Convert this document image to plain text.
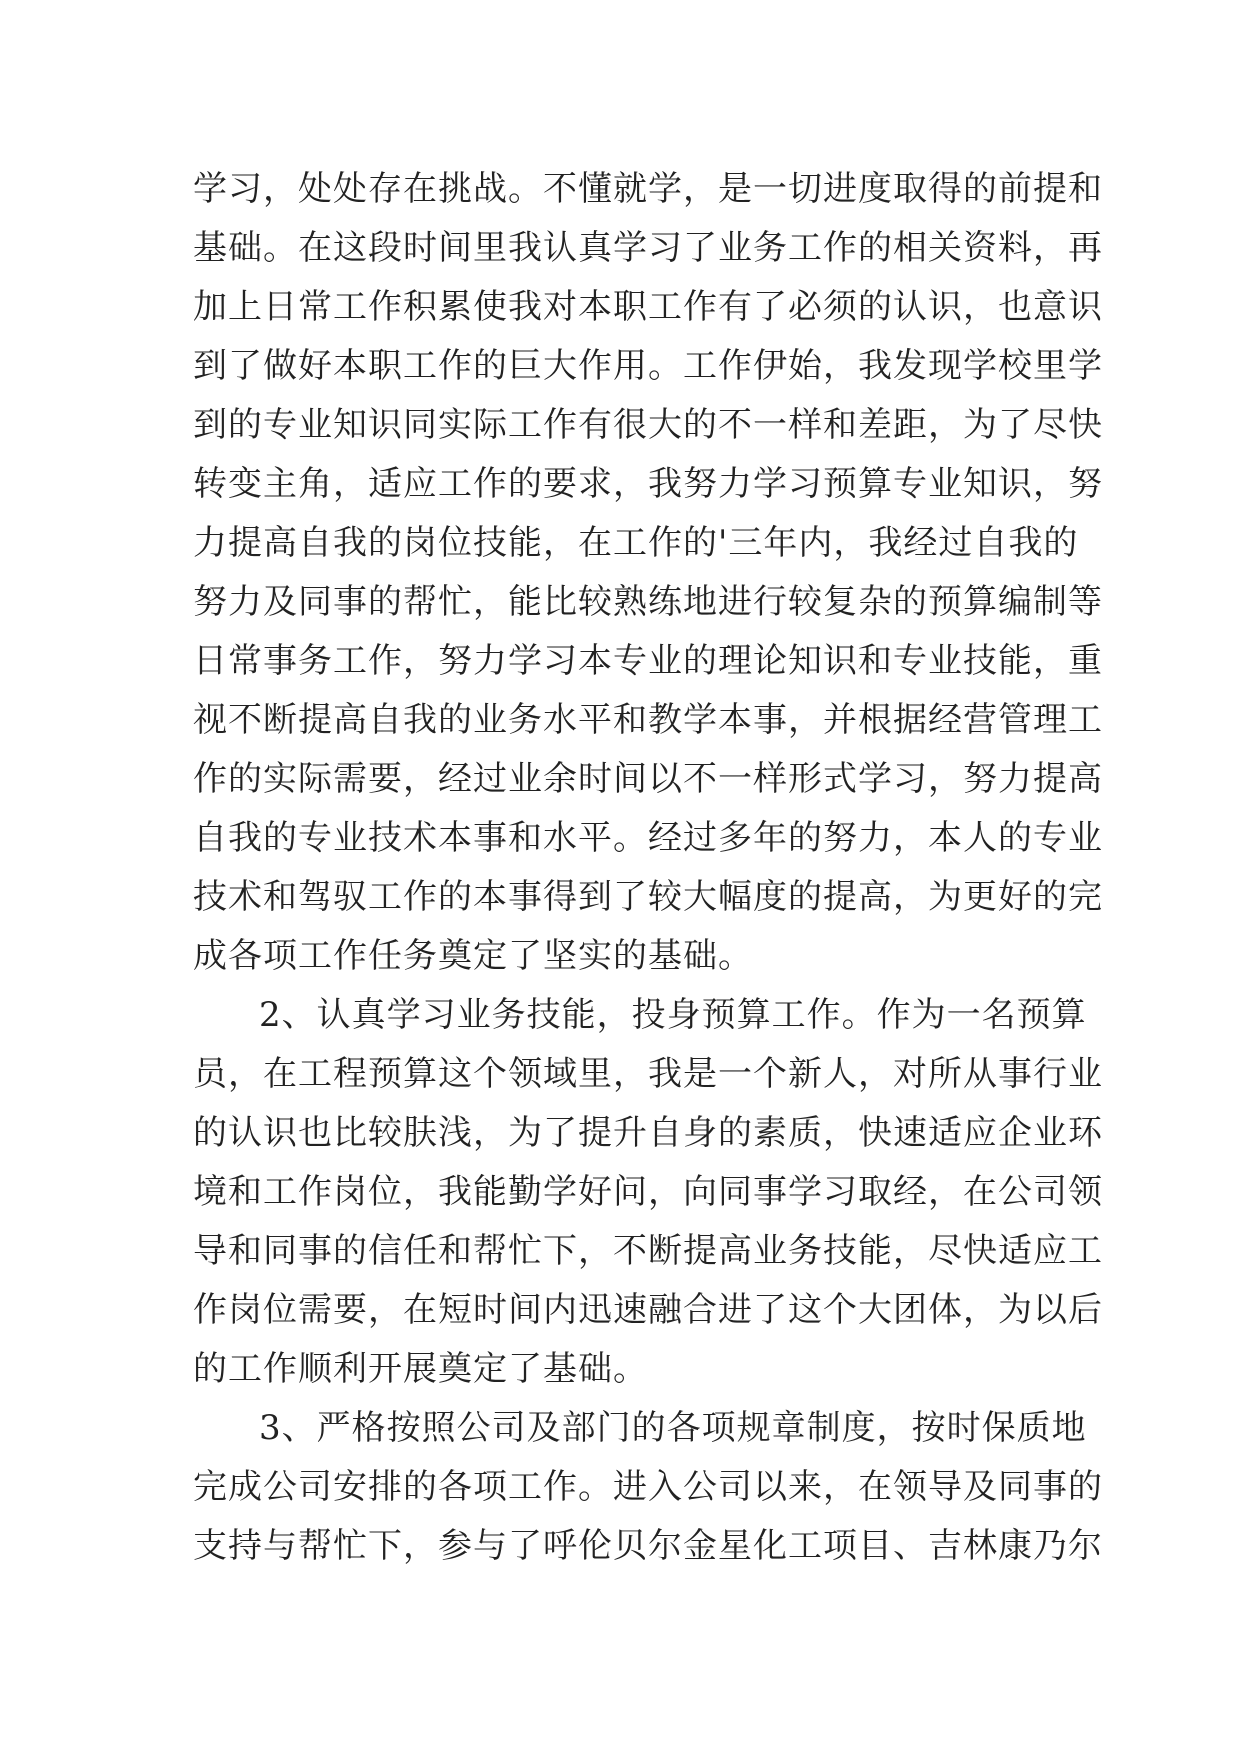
学习，处处存在挑战。不懂就学，是一切进度取得的前提和
基础。在这段时间里我认真学习了业务工作的相关资料，再
加上日常工作积累使我对本职工作有了必须的认识，也意识
到了做好本职工作的巨大作用。工作伊始，我发现学校里学
到的专业知识同实际工作有很大的不一样和差距，为了尽快
转变主角，适应工作的要求，我努力学习预算专业知识，努
力提高自我的岗位技能，在工作的'三年内，我经过自我的
努力及同事的帮忙，能比较熟练地进行较复杂的预算编制等
日常事务工作，努力学习本专业的理论知识和专业技能，重
视不断提高自我的业务水平和教学本事，并根据经营管理工
作的实际需要，经过业余时间以不一样形式学习，努力提高
自我的专业技术本事和水平。经过多年的努力，本人的专业
技术和驾驭工作的本事得到了较大幅度的提高，为更好的完
成各项工作任务奠定了坚实的基础。
2、认真学习业务技能，投身预算工作。作为一名预算
员，在工程预算这个领域里，我是一个新人，对所从事行业
的认识也比较肤浅，为了提升自身的素质，快速适应企业环
境和工作岗位，我能勤学好问，向同事学习取经，在公司领
导和同事的信任和帮忙下，不断提高业务技能，尽快适应工
作岗位需要，在短时间内迅速融合进了这个大团体，为以后
的工作顺利开展奠定了基础。
3、严格按照公司及部门的各项规章制度，按时保质地
完成公司安排的各项工作。进入公司以来，在领导及同事的
支持与帮忙下，参与了呼伦贝尔金星化工项目、吉林康乃尔
